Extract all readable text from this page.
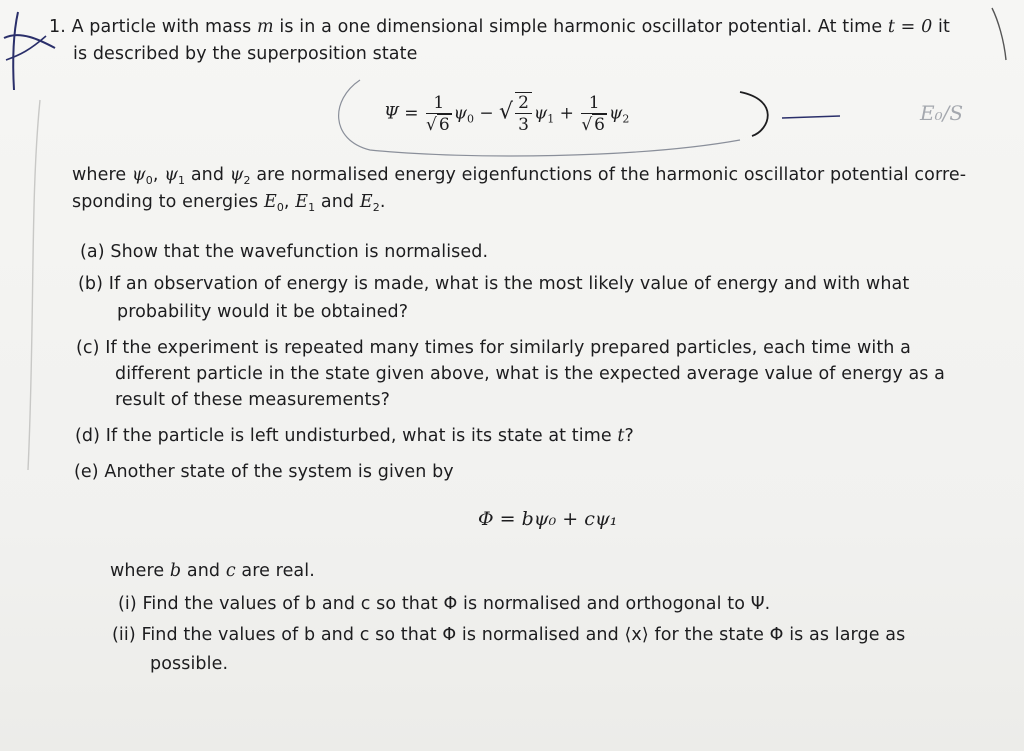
E₀/S
1. A particle with mass m is in a one dimensional simple harmonic oscillator potential. At time t = 0 it
is described by the superposition state
$\Psi = \frac{1}{√ 6} \psi_0$ − √ $\frac{2}{3} \psi_1 + \frac{1}{√ 6} \psi_2$
where $\psi_0$, $\psi_1$ and $\psi_2$ are normalised energy eigenfunctions of the harmonic oscillator potential corre-
sponding to energies $E_0$, $E_1$ and $E_2$.
(a) Show that the wavefunction is normalised.
(b) If an observation of energy is made, what is the most likely value of energy and with what
probability would it be obtained?
(c) If the experiment is repeated many times for similarly prepared particles, each time with a
different particle in the state given above, what is the expected average value of energy as a
result of these measurements?
(d) If the particle is left undisturbed, what is its state at time t?
(e) Another state of the system is given by
Φ = bψ₀ + cψ₁
where b and c are real.
(i) Find the values of b and c so that Φ is normalised and orthogonal to Ψ.
(ii) Find the values of b and c so that Φ is normalised and ⟨x⟩ for the state Φ is as large as
possible.
